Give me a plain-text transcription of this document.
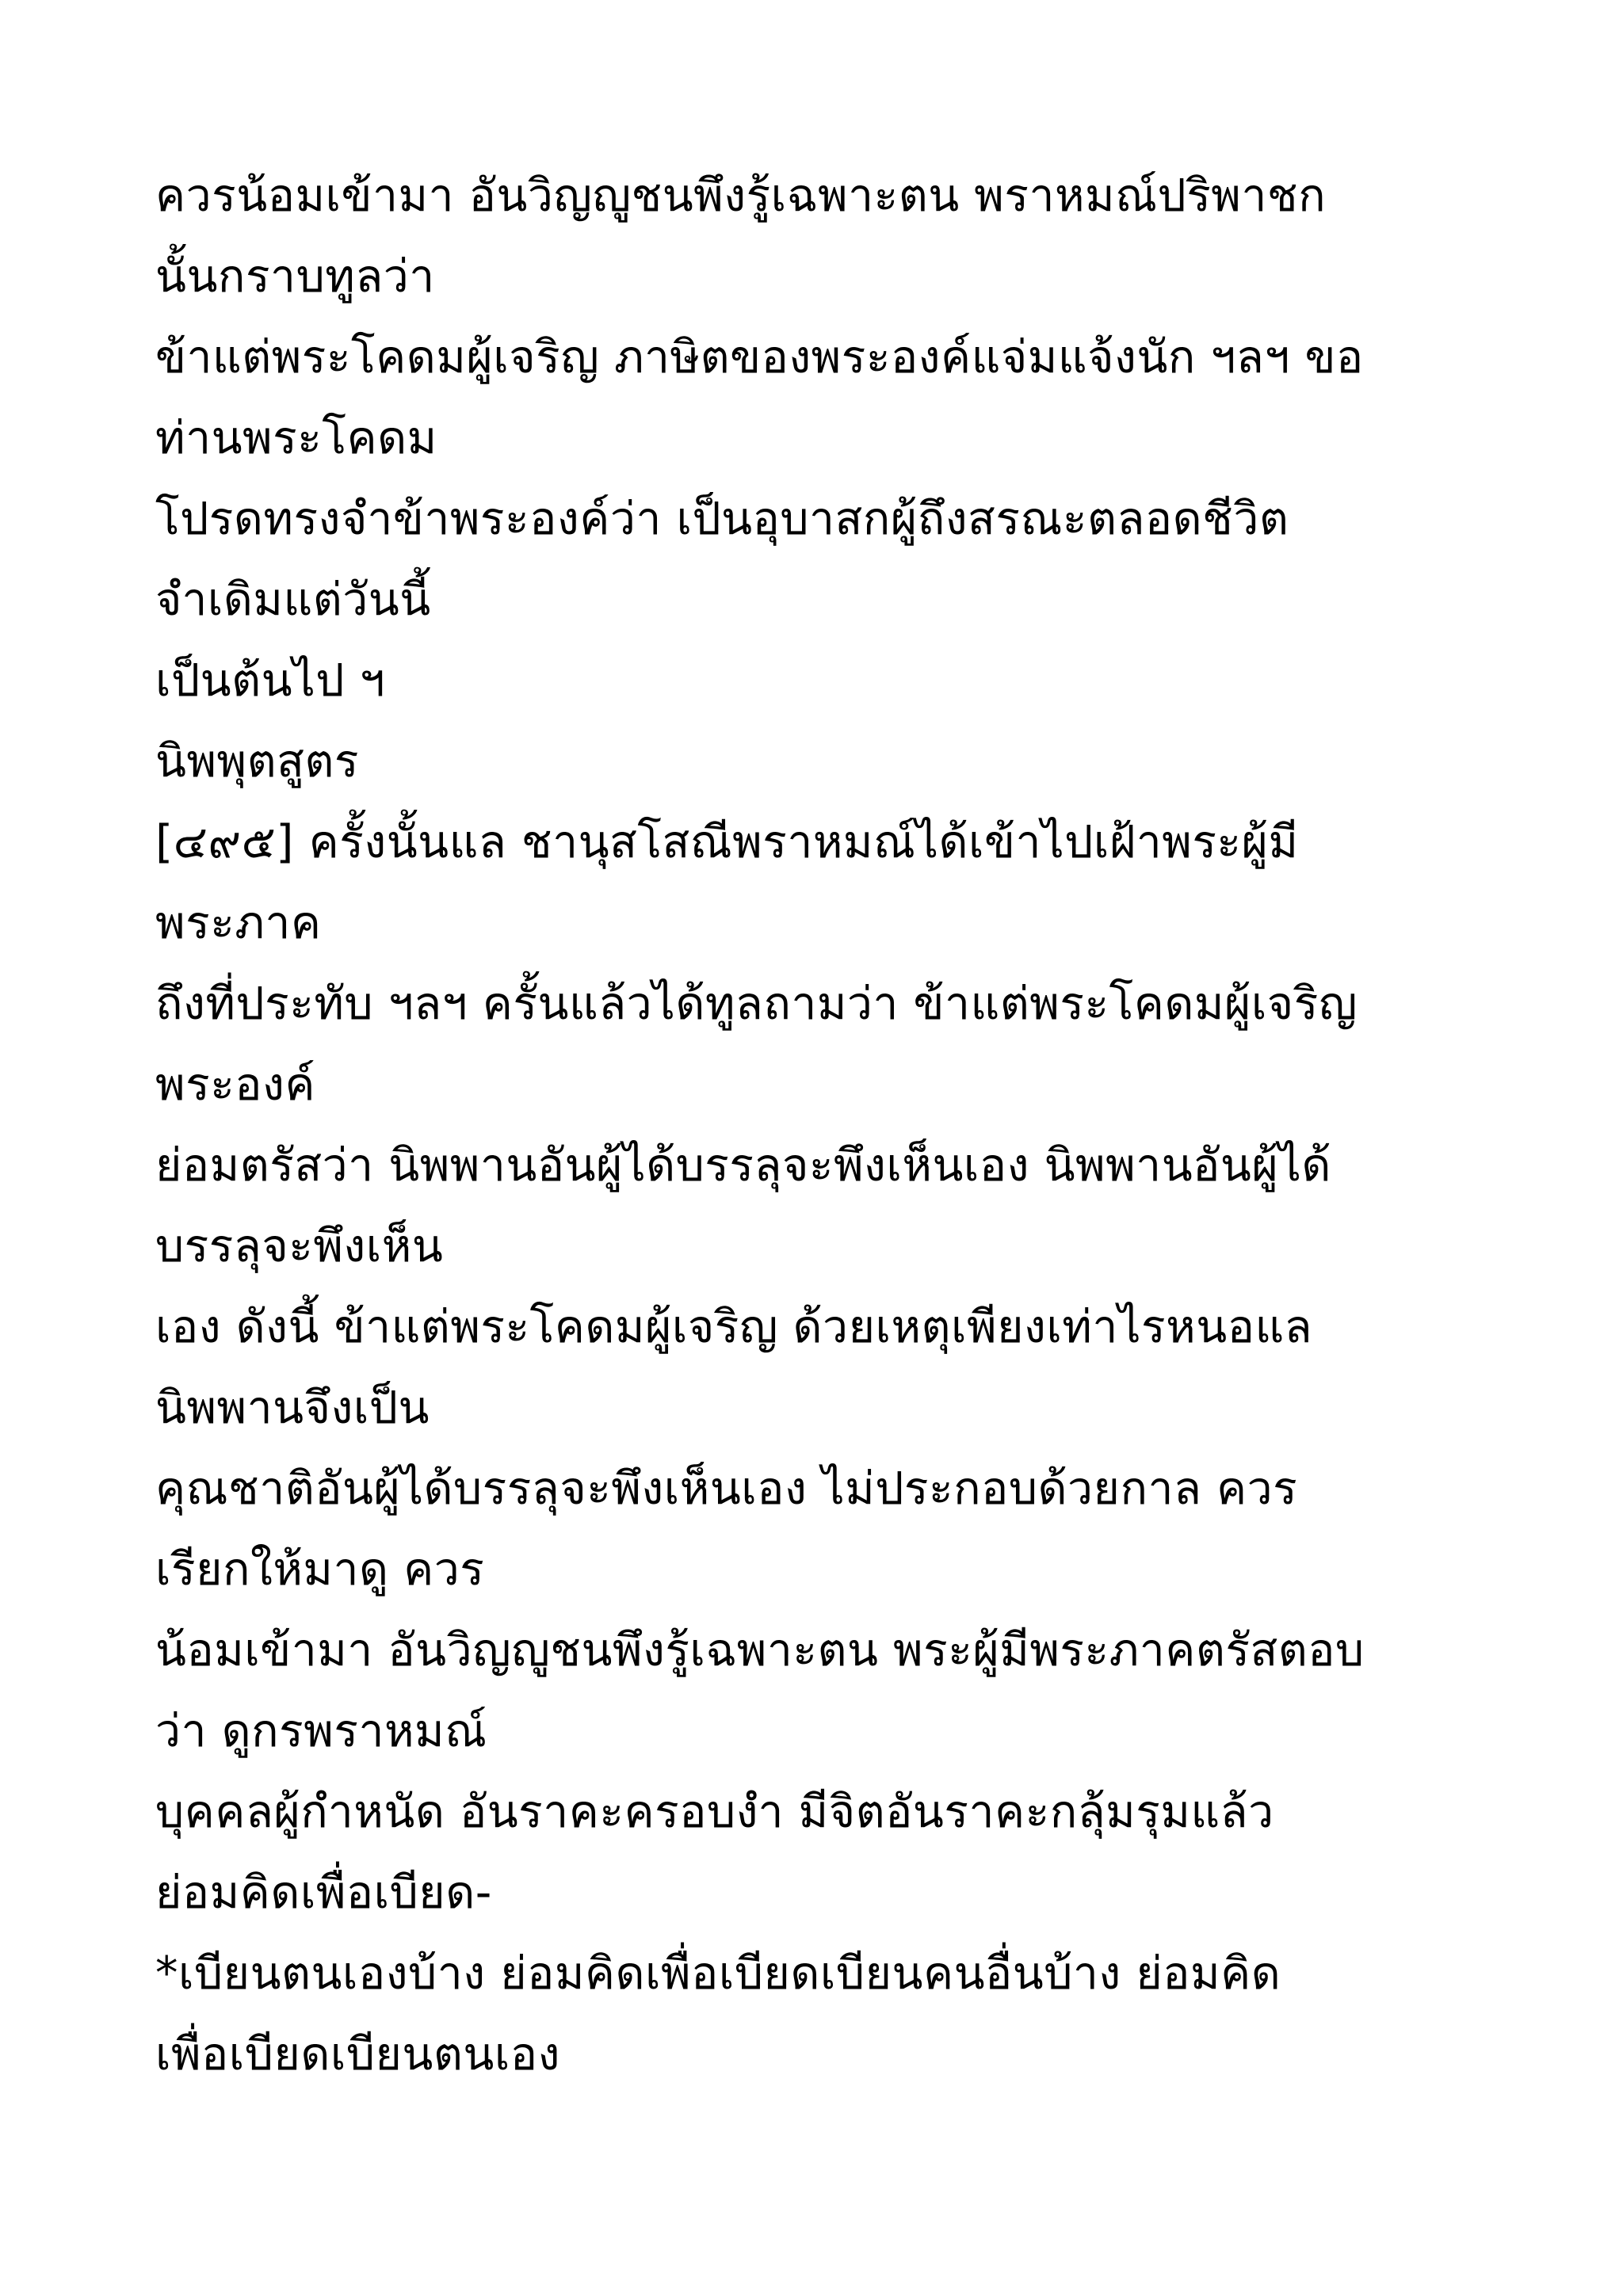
ควรน้อมเข้ามา อันวิญญูชนพึงรู้เฉพาะตน พราหมณ์ปริพาชก
นั้นกราบทูลว่า
ข้าแต่พระโคดมผู้เจริญ ภาษิตของพระองค์แจ่มแจ้งนัก ฯลฯ ขอ
ท่านพระโคดม
โปรดทรงจำข้าพระองค์ว่า เป็นอุบาสกผู้ถึงสรณะตลอดชีวิต
จำเดิมแต่วันนี้
เป็นต้นไป ฯ
นิพพุตสูตร
[๔๙๕] ครั้งนั้นแล ชานุสโสณีพราหมณ์ได้เข้าไปเฝ้าพระผู้มี
พระภาค
ถึงที่ประทับ ฯลฯ ครั้นแล้วได้ทูลถามว่า ข้าแต่พระโคดมผู้เจริญ
พระองค์
ย่อมตรัสว่า นิพพานอันผู้ได้บรรลุจะพึงเห็นเอง นิพพานอันผู้ได้
บรรลุจะพึงเห็น
เอง ดังนี้ ข้าแต่พระโคดมผู้เจริญ ด้วยเหตุเพียงเท่าไรหนอแล
นิพพานจึงเป็น
คุณชาติอันผู้ได้บรรลุจะพึงเห็นเอง ไม่ประกอบด้วยกาล ควร
เรียกให้มาดู ควร
น้อมเข้ามา อันวิญญูชนพึงรู้เฉพาะตน พระผู้มีพระภาคตรัสตอบ
ว่า ดูกรพราหมณ์
บุคคลผู้กำหนัด อันราคะครอบงำ มีจิตอันราคะกลุ้มรุมแล้ว
ย่อมคิดเพื่อเบียด-
*เบียนตนเองบ้าง ย่อมคิดเพื่อเบียดเบียนคนอื่นบ้าง ย่อมคิด
เพื่อเบียดเบียนตนเอง
